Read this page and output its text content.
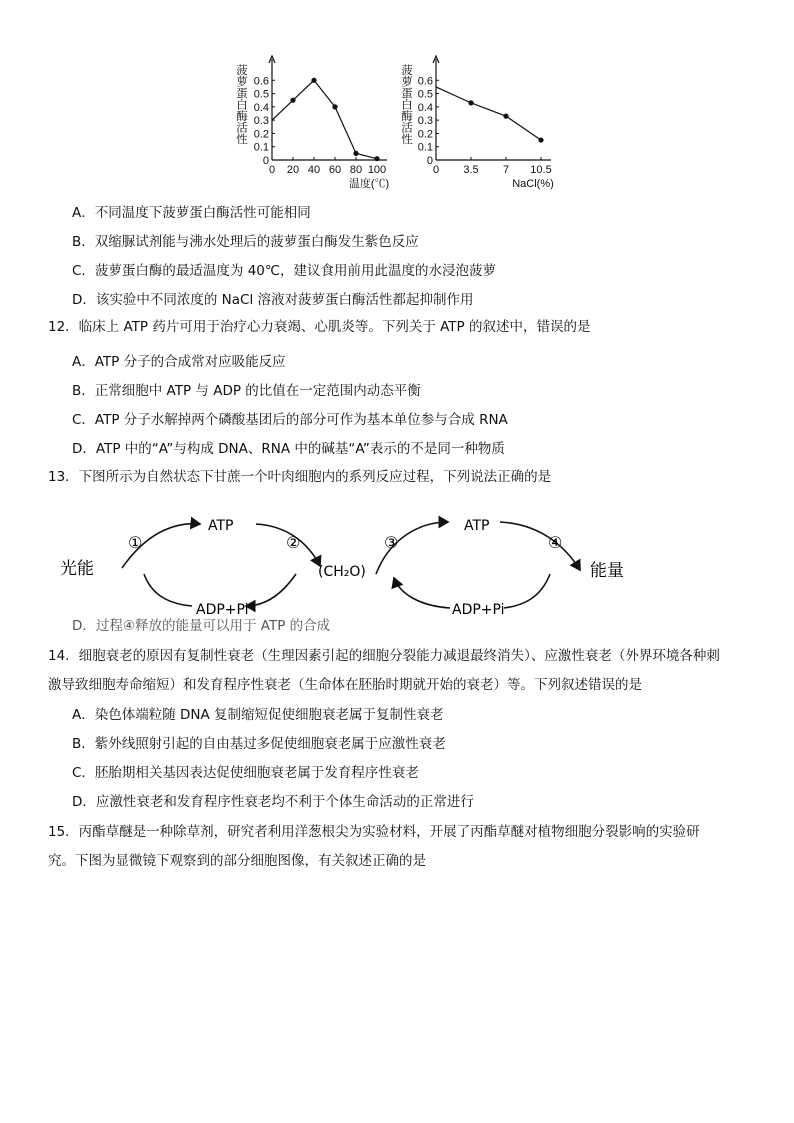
菠萝蛋白酶活性
0
0.1
0.2
0.3
0.4
0.5
0.6
0 20 40 60 80 100
温度(℃)
菠萝蛋白酶活性
0
0.1
0.2
0.3
0.4
0.5
0.6
0 3.5 7 10.5
NaCl(%)
A．不同温度下菠萝蛋白酶活性可能相同
B．双缩脲试剂能与沸水处理后的菠萝蛋白酶发生紫色反应
C．菠萝蛋白酶的最适温度为 40℃，建议食用前用此温度的水浸泡菠萝
D．该实验中不同浓度的 NaCl 溶液对菠萝蛋白酶活性都起抑制作用
12．临床上 ATP 药片可用于治疗心力衰竭、心肌炎等。下列关于 ATP 的叙述中，错误的是
A．ATP 分子的合成常对应吸能反应
B．正常细胞中 ATP 与 ADP 的比值在一定范围内动态平衡
C．ATP 分子水解掉两个磷酸基团后的部分可作为基本单位参与合成 RNA
D．ATP 中的“A”与构成 DNA、RNA 中的碱基“A”表示的不是同一种物质
13．下图所示为自然状态下甘蔗一个叶肉细胞内的系列反应过程，下列说法正确的是
光能
ATP
ADP+Pi
(CH₂O)
ATP
ADP+Pi
能量
①	②	③	④
D．过程④释放的能量可以用于 ATP 的合成
14．细胞衰老的原因有复制性衰老（生理因素引起的细胞分裂能力减退最终消失）、应激性衰老（外界环境各种刺
激导致细胞寿命缩短）和发育程序性衰老（生命体在胚胎时期就开始的衰老）等。下列叙述错误的是
A．染色体端粒随 DNA 复制缩短促使细胞衰老属于复制性衰老
B．紫外线照射引起的自由基过多促使细胞衰老属于应激性衰老
C．胚胎期相关基因表达促使细胞衰老属于发育程序性衰老
D．应激性衰老和发育程序性衰老均不利于个体生命活动的正常进行
15．丙酯草醚是一种除草剂，研究者利用洋葱根尖为实验材料，开展了丙酯草醚对植物细胞分裂影响的实验研
究。下图为显微镜下观察到的部分细胞图像，有关叙述正确的是
